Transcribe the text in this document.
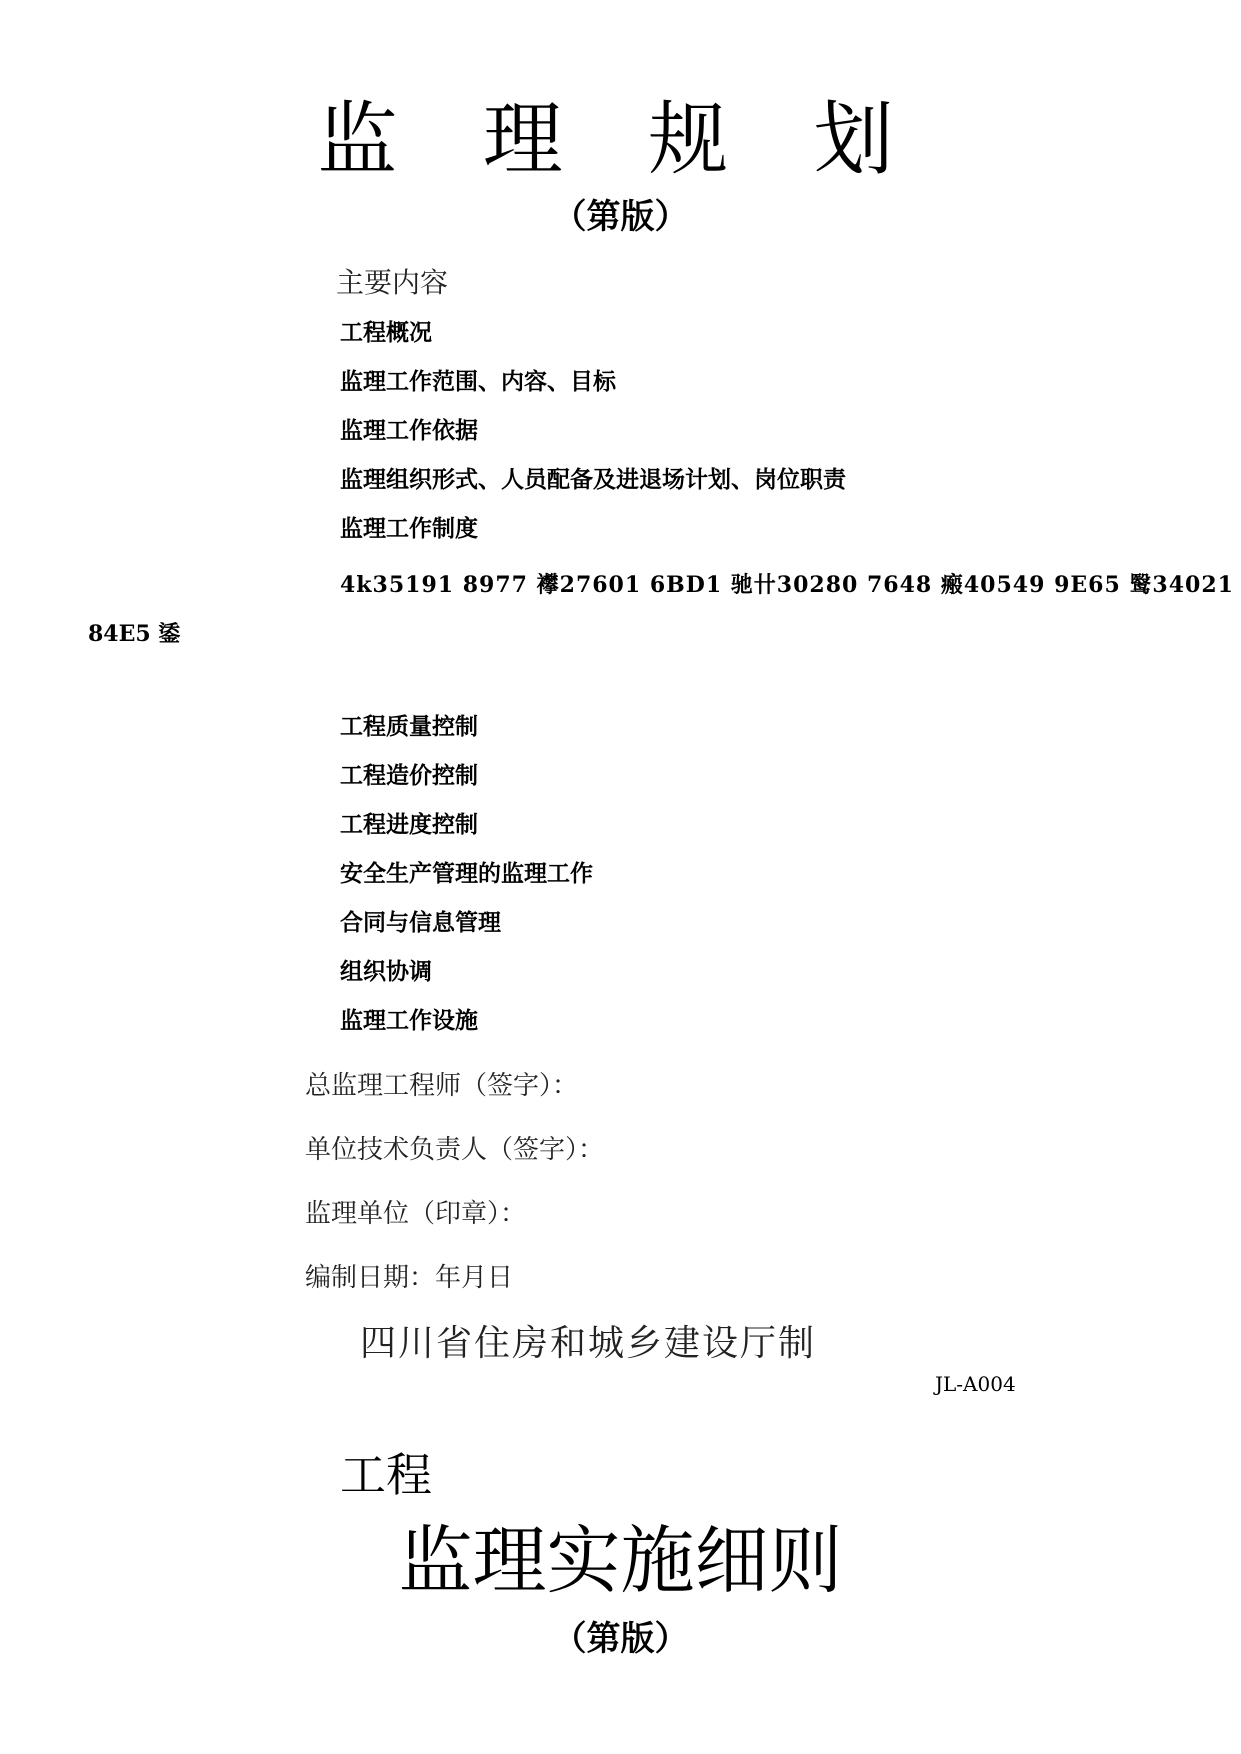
监 理 规 划
（第版）
主要内容
工程概况
监理工作范围、内容、目标
监理工作依据
监理组织形式、人员配备及进退场计划、岗位职责
监理工作制度
4k35191 8977 襻27601 6BD1 驰卄30280 7648 瘢40549 9E65 鹥34021
84E5 鋈
工程质量控制
工程造价控制
工程进度控制
安全生产管理的监理工作
合同与信息管理
组织协调
监理工作设施
总监理工程师（签字）：
单位技术负责人（签字）：
监理单位（印章）：
编制日期：年月日
四川省住房和城乡建设厅制
JL-A004
工程
监理实施细则
（第版）
